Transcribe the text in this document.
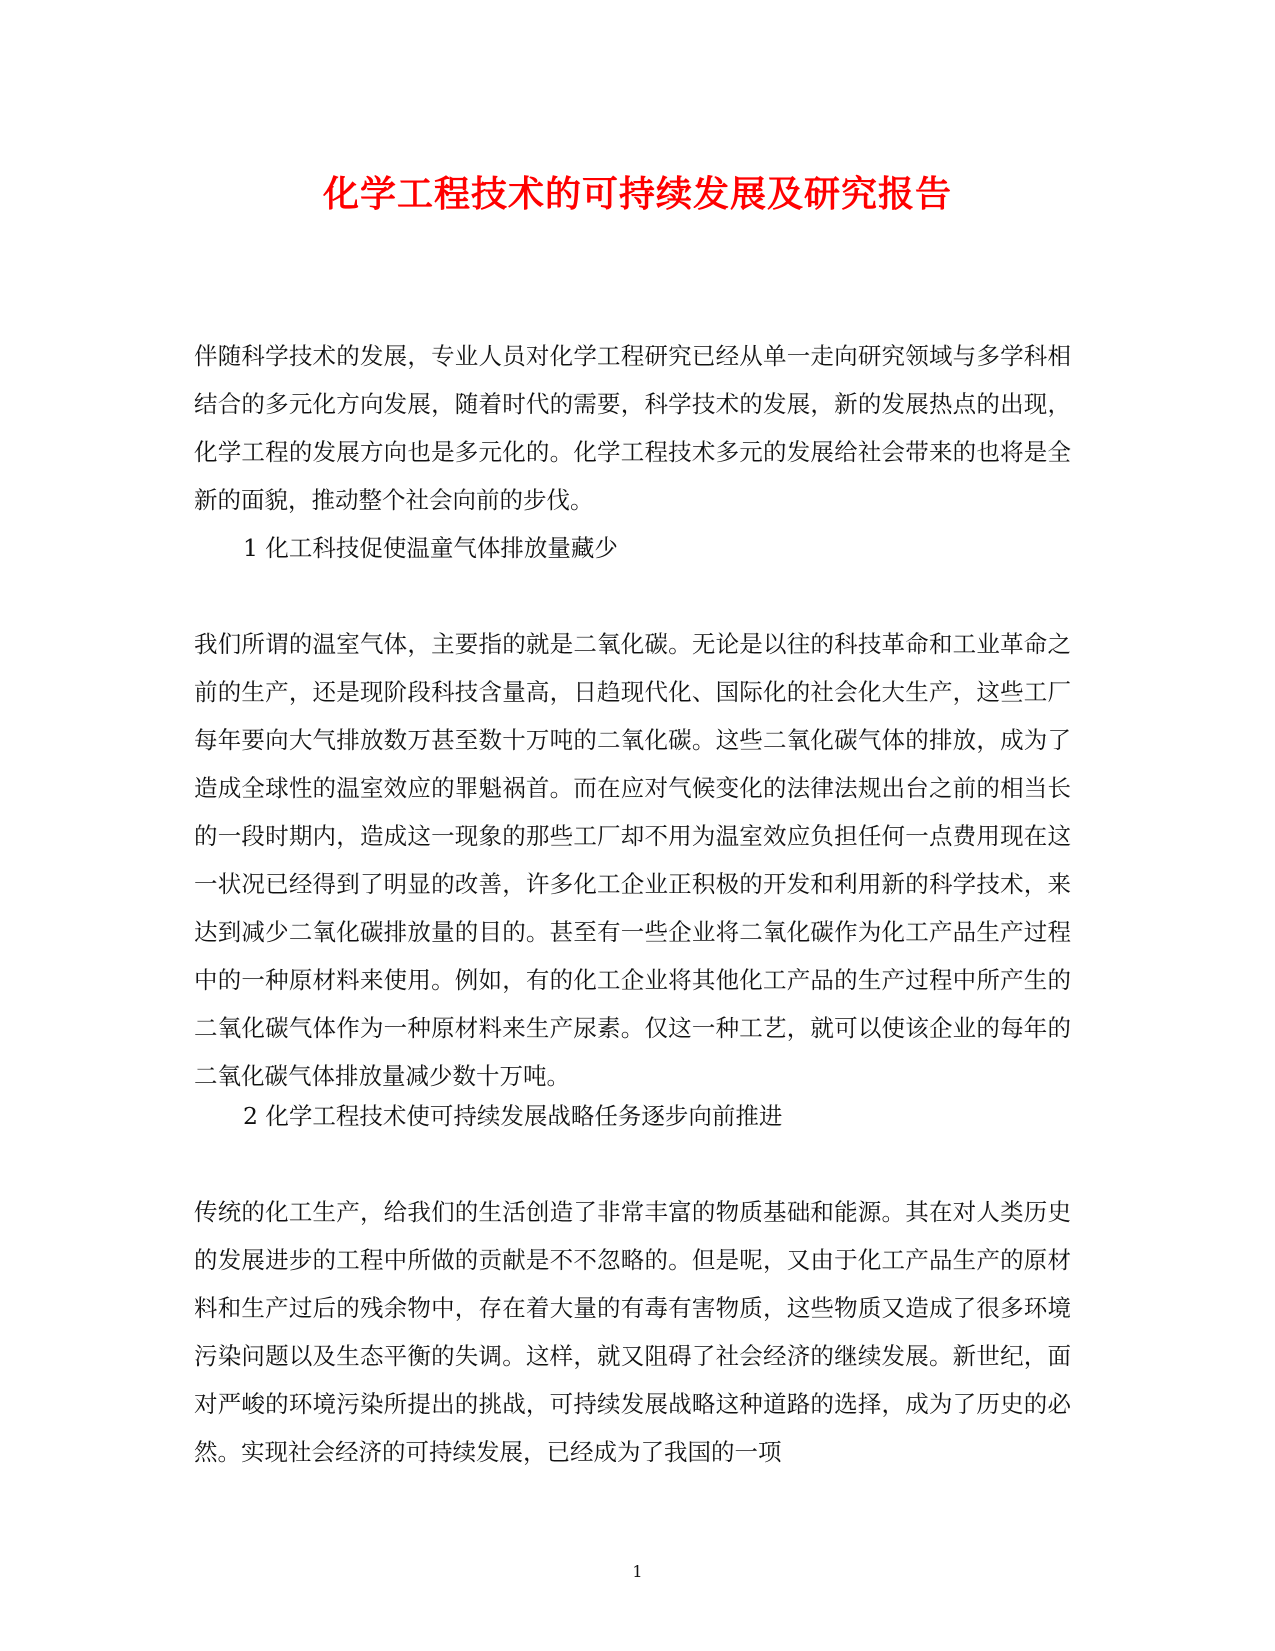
化学工程技术的可持续发展及研究报告

伴随科学技术的发展，专业人员对化学工程研究已经从单一走向研究领域与多学科相结合的多元化方向发展，随着时代的需要，科学技术的发展，新的发展热点的出现，化学工程的发展方向也是多元化的。化学工程技术多元的发展给社会带来的也将是全新的面貌，推动整个社会向前的步伐。

1 化工科技促使温童气体排放量藏少

我们所谓的温室气体，主要指的就是二氧化碳。无论是以往的科技革命和工业革命之前的生产，还是现阶段科技含量高，日趋现代化、国际化的社会化大生产，这些工厂每年要向大气排放数万甚至数十万吨的二氧化碳。这些二氧化碳气体的排放，成为了造成全球性的温室效应的罪魁祸首。而在应对气候变化的法律法规出台之前的相当长的一段时期内，造成这一现象的那些工厂却不用为温室效应负担任何一点费用现在这一状况已经得到了明显的改善，许多化工企业正积极的开发和利用新的科学技术，来达到减少二氧化碳排放量的目的。甚至有一些企业将二氧化碳作为化工产品生产过程中的一种原材料来使用。例如，有的化工企业将其他化工产品的生产过程中所产生的二氧化碳气体作为一种原材料来生产尿素。仅这一种工艺，就可以使该企业的每年的二氧化碳气体排放量减少数十万吨。

2 化学工程技术使可持续发展战略任务逐步向前推进

传统的化工生产，给我们的生活创造了非常丰富的物质基础和能源。其在对人类历史的发展进步的工程中所做的贡献是不不忽略的。但是呢，又由于化工产品生产的原材料和生产过后的残余物中，存在着大量的有毒有害物质，这些物质又造成了很多环境污染问题以及生态平衡的失调。这样，就又阻碍了社会经济的继续发展。新世纪，面对严峻的环境污染所提出的挑战，可持续发展战略这种道路的选择，成为了历史的必然。实现社会经济的可持续发展，已经成为了我国的一项

1
